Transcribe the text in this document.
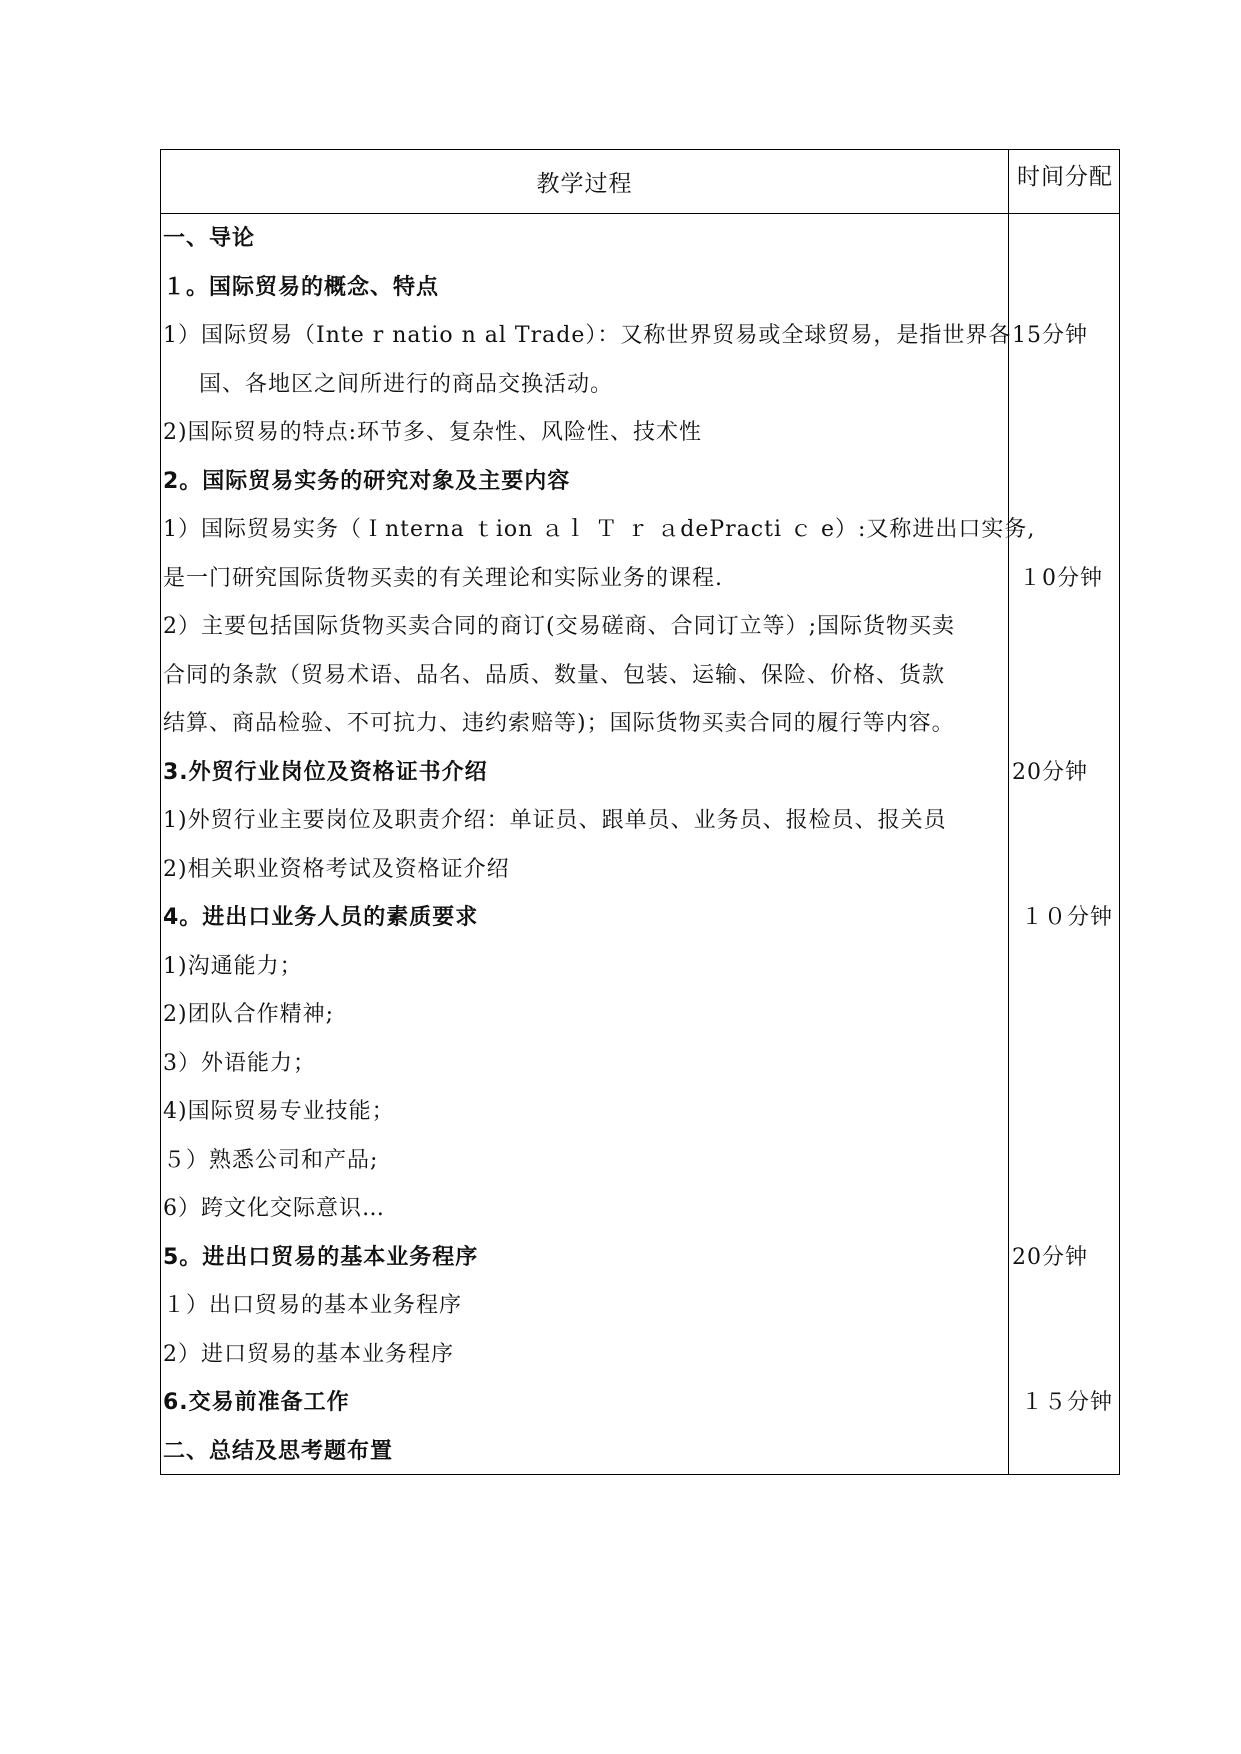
教学过程	时间分配
一、导论
１。国际贸易的概念、特点
1）国际贸易（Inte r natio n al Trade）：又称世界贸易或全球贸易，是指世界各
国、各地区之间所进行的商品交换活动。
2)国际贸易的特点:环节多、复杂性、风险性、技术性
2。国际贸易实务的研究对象及主要内容
1）国际贸易实务（Ｉnterna ｔion ａｌ Ｔ ｒ ａdePracti ｃ e）:又称进出口实务,
是一门研究国际货物买卖的有关理论和实际业务的课程.
2）主要包括国际货物买卖合同的商订(交易磋商、合同订立等）;国际货物买卖
合同的条款（贸易术语、品名、品质、数量、包装、运输、保险、价格、货款
结算、商品检验、不可抗力、违约索赔等)；国际货物买卖合同的履行等内容。
3.外贸行业岗位及资格证书介绍
1)外贸行业主要岗位及职责介绍：单证员、跟单员、业务员、报检员、报关员
2)相关职业资格考试及资格证介绍
4。进出口业务人员的素质要求
1)沟通能力；
2)团队合作精神;
3）外语能力；
4)国际贸易专业技能；
５）熟悉公司和产品;
6）跨文化交际意识…
5。进出口贸易的基本业务程序
１）出口贸易的基本业务程序
2）进口贸易的基本业务程序
6.交易前准备工作
二、总结及思考题布置
15分钟
１0分钟
20分钟
１０分钟
20分钟
１５分钟
